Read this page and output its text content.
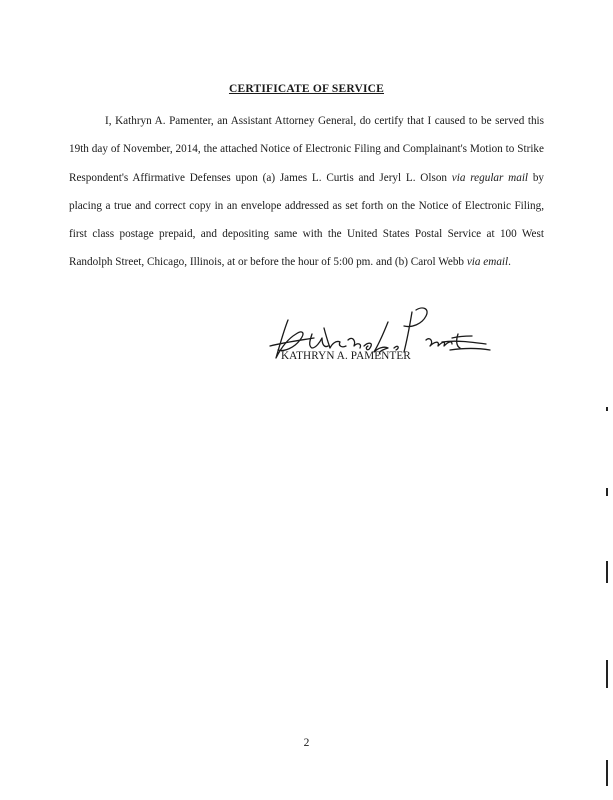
CERTIFICATE OF SERVICE

I, Kathryn A. Pamenter, an Assistant Attorney General, do certify that I caused to be served this 19th day of November, 2014, the attached Notice of Electronic Filing and Complainant's Motion to Strike Respondent's Affirmative Defenses upon (a) James L. Curtis and Jeryl L. Olson via regular mail by placing a true and correct copy in an envelope addressed as set forth on the Notice of Electronic Filing, first class postage prepaid, and depositing same with the United States Postal Service at 100 West Randolph Street, Chicago, Illinois, at or before the hour of 5:00 pm. and (b) Carol Webb via email.

KATHRYN A. PAMENTER
2
